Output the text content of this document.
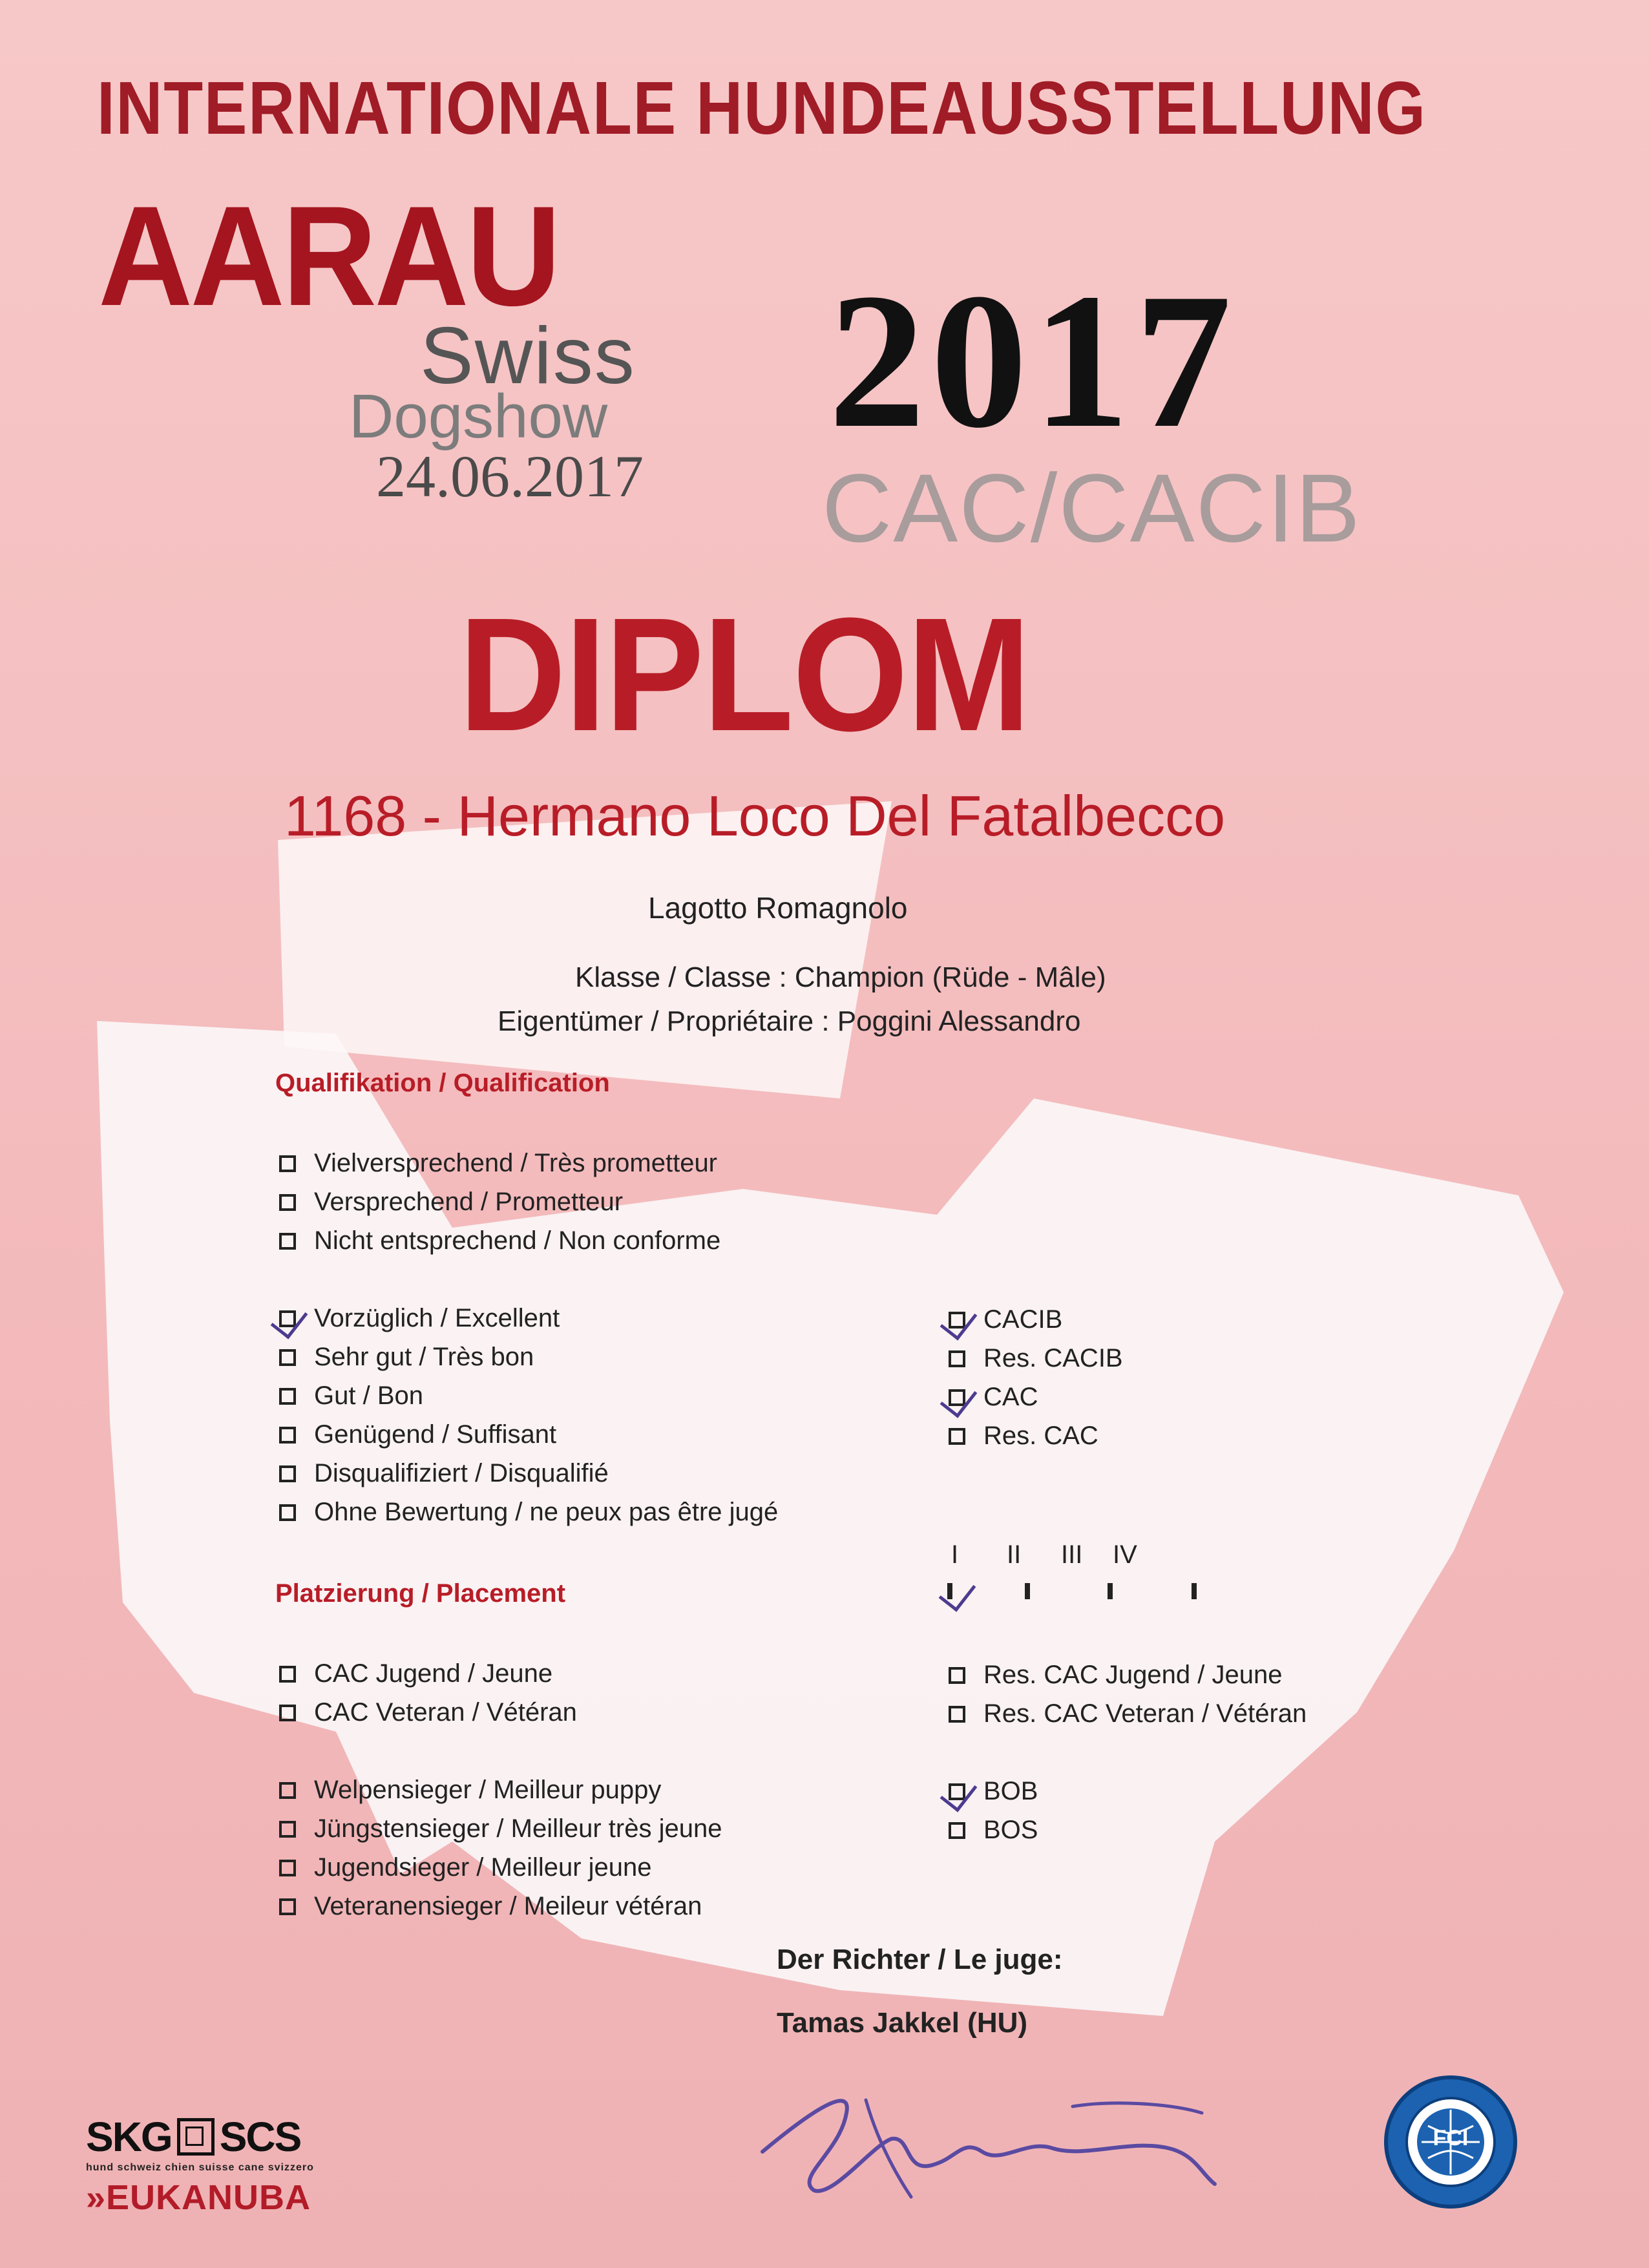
INTERNATIONALE HUNDEAUSSTELLUNG
AARAU
Swiss
Dogshow
24.06.2017
2017
CAC/CACIB
DIPLOM
1168 - Hermano Loco Del Fatalbecco
Lagotto Romagnolo
Klasse / Classe : Champion (Rüde - Mâle)
Eigentümer / Propriétaire : Poggini Alessandro
Qualifikation / Qualification
Vielversprechend / Très prometteur
Versprechend / Prometteur
Nicht entsprechend / Non conforme
Vorzüglich / Excellent
Sehr gut / Très bon
Gut / Bon
Genügend / Suffisant
Disqualifiziert / Disqualifié
Ohne Bewertung / ne peux pas être jugé
CACIB
Res. CACIB
CAC
Res. CAC
I II III IV
Platzierung / Placement
CAC Jugend / Jeune
CAC Veteran / Vétéran
Res. CAC Jugend / Jeune
Res. CAC Veteran / Vétéran
Welpensieger / Meilleur puppy
Jüngstensieger / Meilleur très jeune
Jugendsieger / Meilleur jeune
Veteranensieger / Meileur vétéran
BOB
BOS
Der Richter / Le juge:
Tamas Jakkel (HU)
SKG SCS
hund schweiz chien suisse cane svizzero
»EUKANUBA
FCI
